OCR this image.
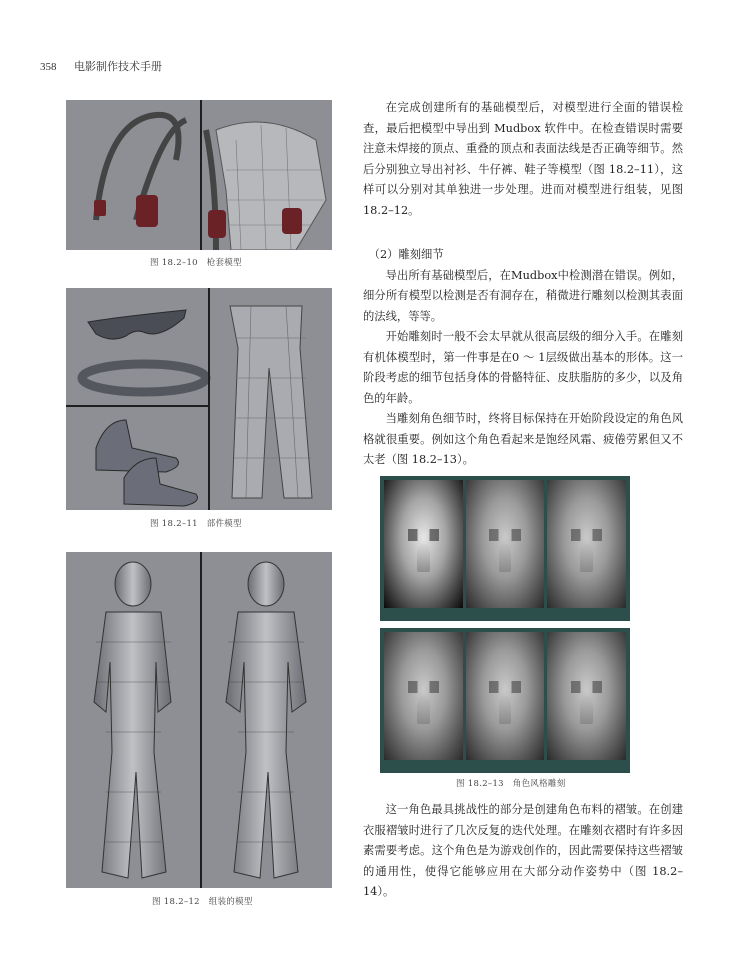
358 电影制作技术手册
图 18.2–10　枪套模型
图 18.2–11　部件模型
图 18.2–12　组装的模型

在完成创建所有的基础模型后，对模型进行全面的错误检查，最后把模型中导出到 Mudbox 软件中。在检查错误时需要注意未焊接的顶点、重叠的顶点和表面法线是否正确等细节。然后分别独立导出衬衫、牛仔裤、鞋子等模型（图 18.2–11），这样可以分别对其单独进一步处理。进而对模型进行组装，见图18.2–12。

（2）雕刻细节

导出所有基础模型后，在Mudbox中检测潜在错误。例如，细分所有模型以检测是否有洞存在，稍微进行雕刻以检测其表面的法线，等等。

开始雕刻时一般不会太早就从很高层级的细分入手。在雕刻有机体模型时，第一件事是在0 ～ 1层级做出基本的形体。这一阶段考虑的细节包括身体的骨骼特征、皮肤脂肪的多少，以及角色的年龄。

当雕刻角色细节时，终将目标保持在开始阶段设定的角色风格就很重要。例如这个角色看起来是饱经风霜、疲倦劳累但又不太老（图 18.2–13）。

图 18.2–13　角色风格雕刻

这一角色最具挑战性的部分是创建角色布料的褶皱。在创建衣服褶皱时进行了几次反复的迭代处理。在雕刻衣褶时有许多因素需要考虑。这个角色是为游戏创作的，因此需要保持这些褶皱的通用性，使得它能够应用在大部分动作姿势中（图 18.2–14）。
